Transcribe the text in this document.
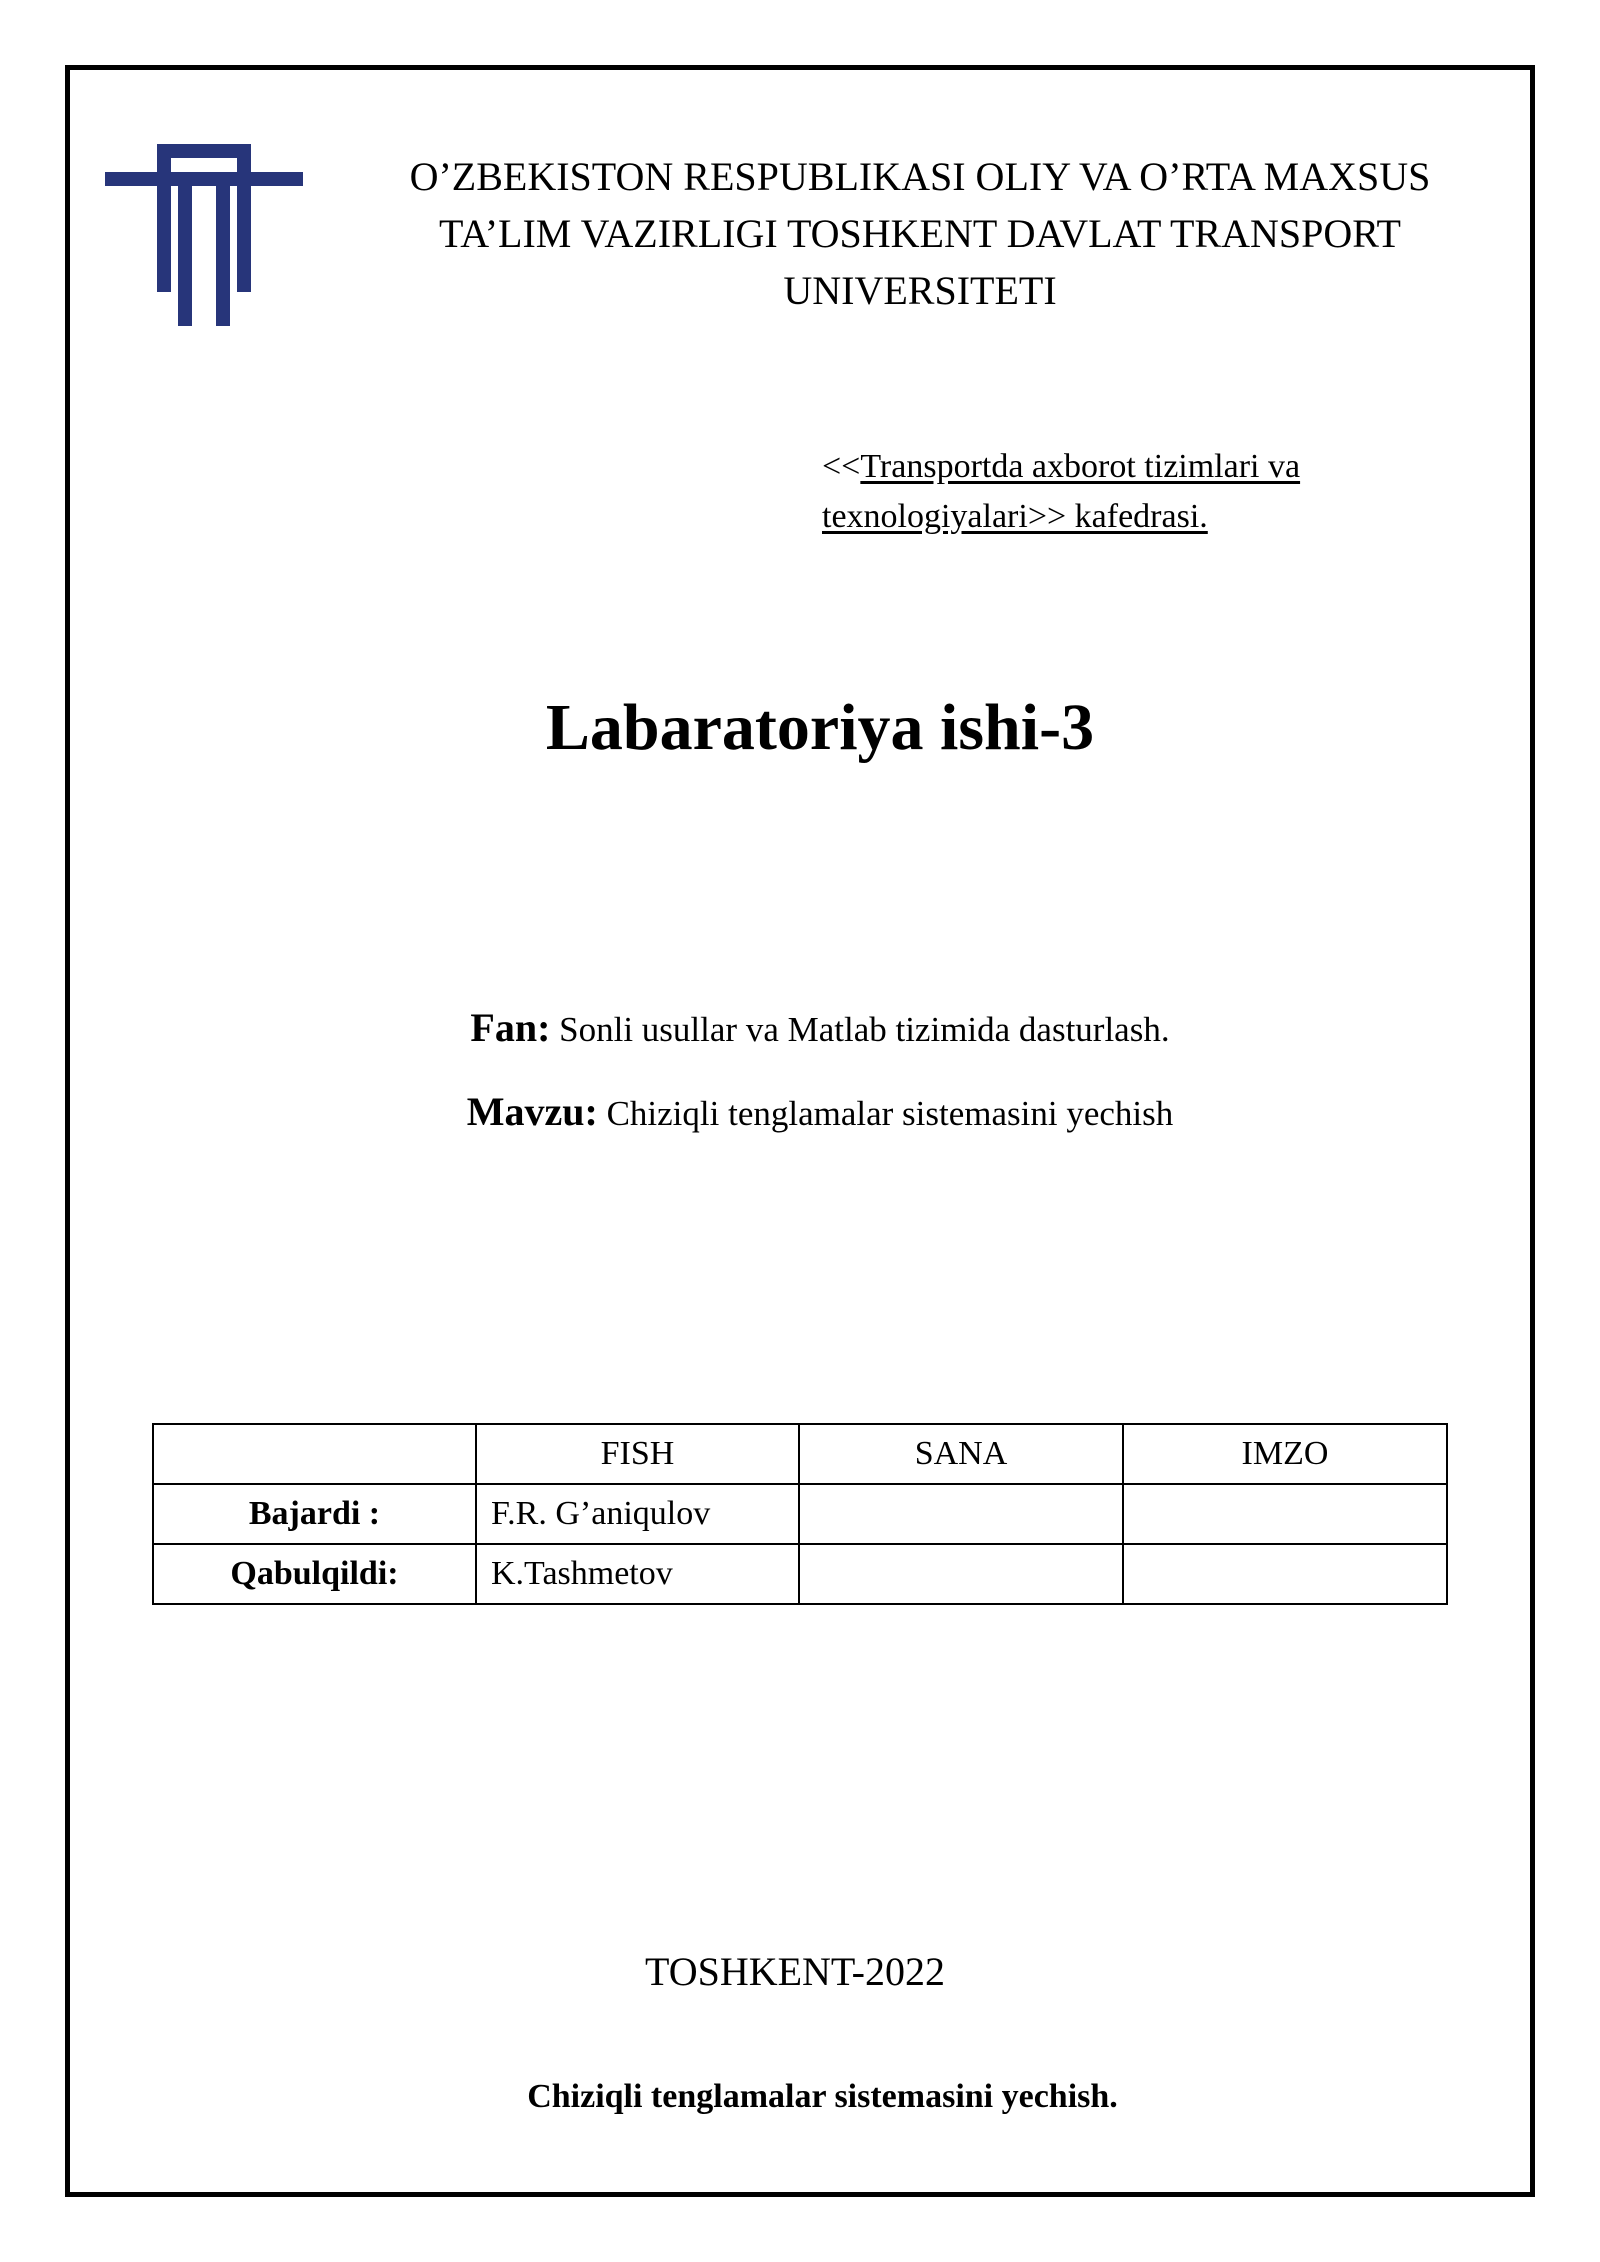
O’ZBEKISTON RESPUBLIKASI OLIY VA O’RTA MAXSUS
TA’LIM VAZIRLIGI TOSHKENT DAVLAT TRANSPORT
UNIVERSITETI
<<Transportda axborot tizimlari va
texnologiyalari>> kafedrasi.
Labaratoriya ishi-3
Fan: Sonli usullar va Matlab tizimida dasturlash.
Mavzu: Chiziqli tenglamalar sistemasini yechish
	FISH	SANA	IMZO
Bajardi :	F.R. G’aniqulov		
Qabulqildi:	K.Tashmetov		
TOSHKENT-2022
Chiziqli tenglamalar sistemasini yechish.
